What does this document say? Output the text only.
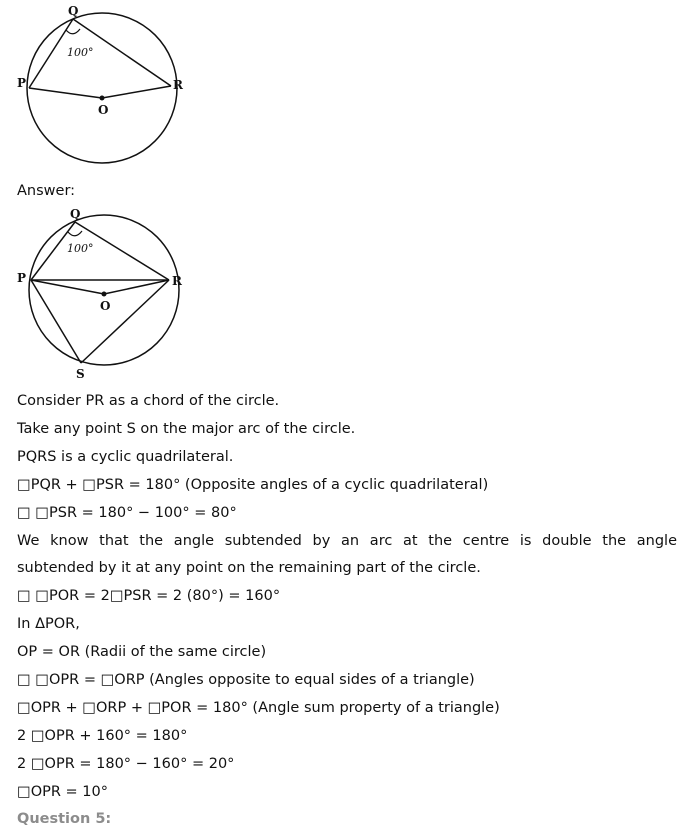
Q
100°
P	R
O
Answer:
Q
100°
P	R
O
S
Consider PR as a chord of the circle.
Take any point S on the major arc of the circle.
PQRS is a cyclic quadrilateral.
□PQR + □PSR = 180° (Opposite angles of a cyclic quadrilateral)
□ □PSR = 180° − 100° = 80°
We know that the angle subtended by an arc at the centre is double the angle
subtended by it at any point on the remaining part of the circle.
□ □POR = 2□PSR = 2 (80°) = 160°
In ΔPOR,
OP = OR (Radii of the same circle)
□ □OPR = □ORP (Angles opposite to equal sides of a triangle)
□OPR + □ORP + □POR = 180° (Angle sum property of a triangle)
2 □OPR + 160° = 180°
2 □OPR = 180° − 160° = 20°
□OPR = 10°
Question 5:
